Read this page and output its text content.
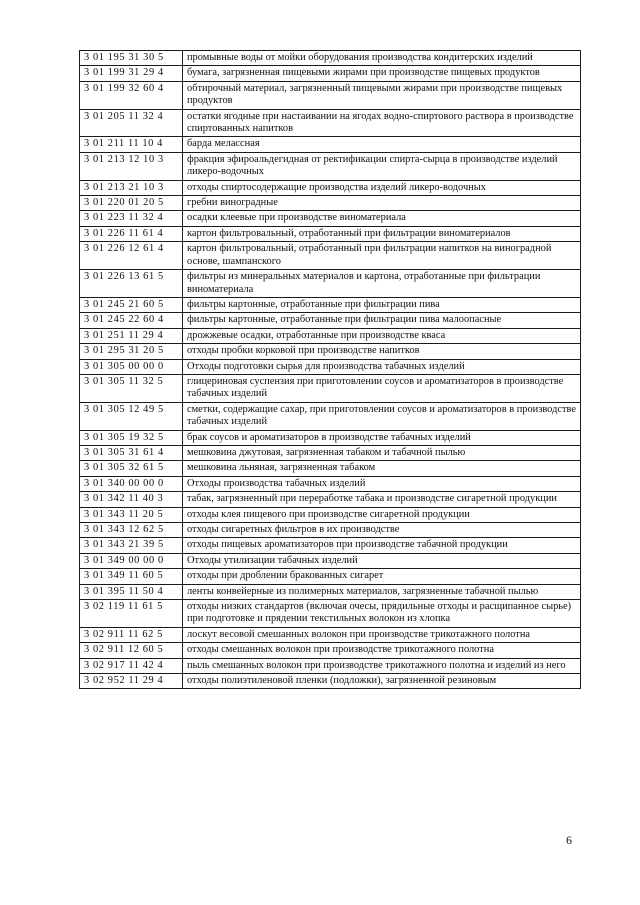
3 01 195 31 30 5	промывные воды от мойки оборудования производства кондитерских изделий
3 01 199 31 29 4	бумага, загрязненная пищевыми жирами при производстве пищевых продуктов
3 01 199 32 60 4	обтирочный материал, загрязненный пищевыми жирами при производстве пищевых продуктов
3 01 205 11 32 4	остатки ягодные при настаивании на ягодах водно-спиртового раствора в производстве спиртованных напитков
3 01 211 11 10 4	барда мелассная
3 01 213 12 10 3	фракция эфироальдегидная от ректификации спирта-сырца в производстве изделий ликеро-водочных
3 01 213 21 10 3	отходы спиртосодержащие производства изделий ликеро-водочных
3 01 220 01 20 5	гребни виноградные
3 01 223 11 32 4	осадки клеевые при производстве виноматериала
3 01 226 11 61 4	картон фильтровальный, отработанный при фильтрации виноматериалов
3 01 226 12 61 4	картон фильтровальный, отработанный при фильтрации напитков на виноградной основе, шампанского
3 01 226 13 61 5	фильтры из минеральных материалов и картона, отработанные при фильтрации виноматериала
3 01 245 21 60 5	фильтры картонные, отработанные при фильтрации пива
3 01 245 22 60 4	фильтры картонные, отработанные при фильтрации пива малоопасные
3 01 251 11 29 4	дрожжевые осадки, отработанные при производстве кваса
3 01 295 31 20 5	отходы пробки корковой при производстве напитков
3 01 305 00 00 0	Отходы подготовки сырья для производства табачных изделий
3 01 305 11 32 5	глицериновая суспензия при приготовлении соусов и ароматизаторов в производстве табачных изделий
3 01 305 12 49 5	сметки, содержащие сахар, при приготовлении соусов и ароматизаторов в производстве табачных изделий
3 01 305 19 32 5	брак соусов и ароматизаторов в производстве табачных изделий
3 01 305 31 61 4	мешковина джутовая, загрязненная табаком и табачной пылью
3 01 305 32 61 5	мешковина льняная, загрязненная табаком
3 01 340 00 00 0	Отходы производства табачных изделий
3 01 342 11 40 3	табак, загрязненный при переработке табака и производстве сигаретной продукции
3 01 343 11 20 5	отходы клея пищевого при производстве сигаретной продукции
3 01 343 12 62 5	отходы сигаретных фильтров в их производстве
3 01 343 21 39 5	отходы пищевых ароматизаторов при производстве табачной продукции
3 01 349 00 00 0	Отходы утилизации табачных изделий
3 01 349 11 60 5	отходы при дроблении бракованных сигарет
3 01 395 11 50 4	ленты конвейерные из полимерных материалов, загрязненные табачной пылью
3 02 119 11 61 5	отходы низких стандартов (включая очесы, прядильные отходы и расщипанное сырье) при подготовке и прядении текстильных волокон из хлопка
3 02 911 11 62 5	лоскут весовой смешанных волокон при производстве трикотажного полотна
3 02 911 12 60 5	отходы смешанных волокон при производстве трикотажного полотна
3 02 917 11 42 4	пыль смешанных волокон при производстве трикотажного полотна и изделий из него
3 02 952 11 29 4	отходы полиэтиленовой пленки (подложки), загрязненной резиновым
6
